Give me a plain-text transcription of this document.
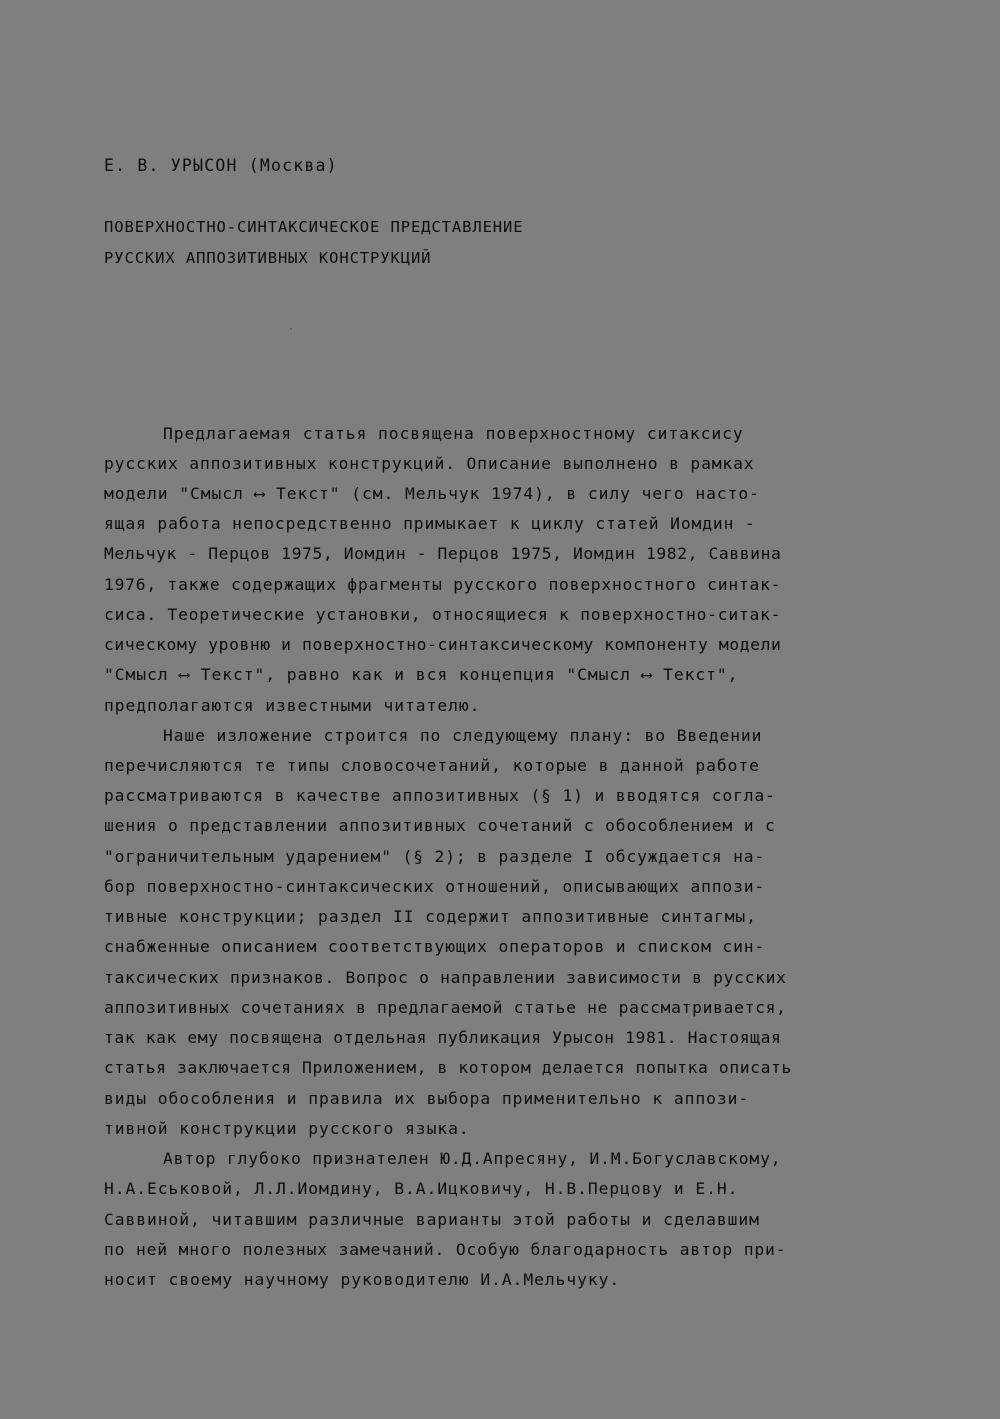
Е. В. УРЫСОН (Москва)
ПОВЕРХНОСТНО-СИНТАКСИЧЕСКОЕ ПРЕДСТАВЛЕНИЕ
РУССКИХ АППОЗИТИВНЫХ КОНСТРУКЦИЙ
Предлагаемая статья посвящена поверхностному ситаксису
русских аппозитивных конструкций. Описание выполнено в рамках
модели "Смысл ⟷ Текст" (см. Мельчук 1974), в силу чего насто-
ящая работа непосредственно примыкает к циклу статей Иомдин -
Мельчук - Перцов 1975, Иомдин - Перцов 1975, Иомдин 1982, Саввина
1976, также содержащих фрагменты русского поверхностного синтак-
сиса. Теоретические установки, относящиеся к поверхностно-ситак-
сическому уровню и поверхностно-синтаксическому компоненту модели
"Смысл ⟷ Текст", равно как и вся концепция "Смысл ⟷ Текст",
предполагаются известными читателю.
Наше изложение строится по следующему плану: во Введении
перечисляются те типы словосочетаний, которые в данной работе
рассматриваются в качестве аппозитивных (§ 1) и вводятся согла-
шения о представлении аппозитивных сочетаний с обособлением и с
"ограничительным ударением" (§ 2); в разделе I обсуждается на-
бор поверхностно-синтаксических отношений, описывающих аппози-
тивные конструкции; раздел II содержит аппозитивные синтагмы,
снабженные описанием соответствующих операторов и списком син-
таксических признаков. Вопрос о направлении зависимости в русских
аппозитивных сочетаниях в предлагаемой статье не рассматривается,
так как ему посвящена отдельная публикация Урысон 1981. Настоящая
статья заключается Приложением, в котором делается попытка описать
виды обособления и правила их выбора применительно к аппози-
тивной конструкции русского языка.
Автор глубоко признателен Ю.Д.Апресяну, И.М.Богуславскому,
Н.А.Еськовой, Л.Л.Иомдину, В.А.Ицковичу, Н.В.Перцову и Е.Н.
Саввиной, читавшим различные варианты этой работы и сделавшим
по ней много полезных замечаний. Особую благодарность автор при-
носит своему научному руководителю И.А.Мельчуку.
